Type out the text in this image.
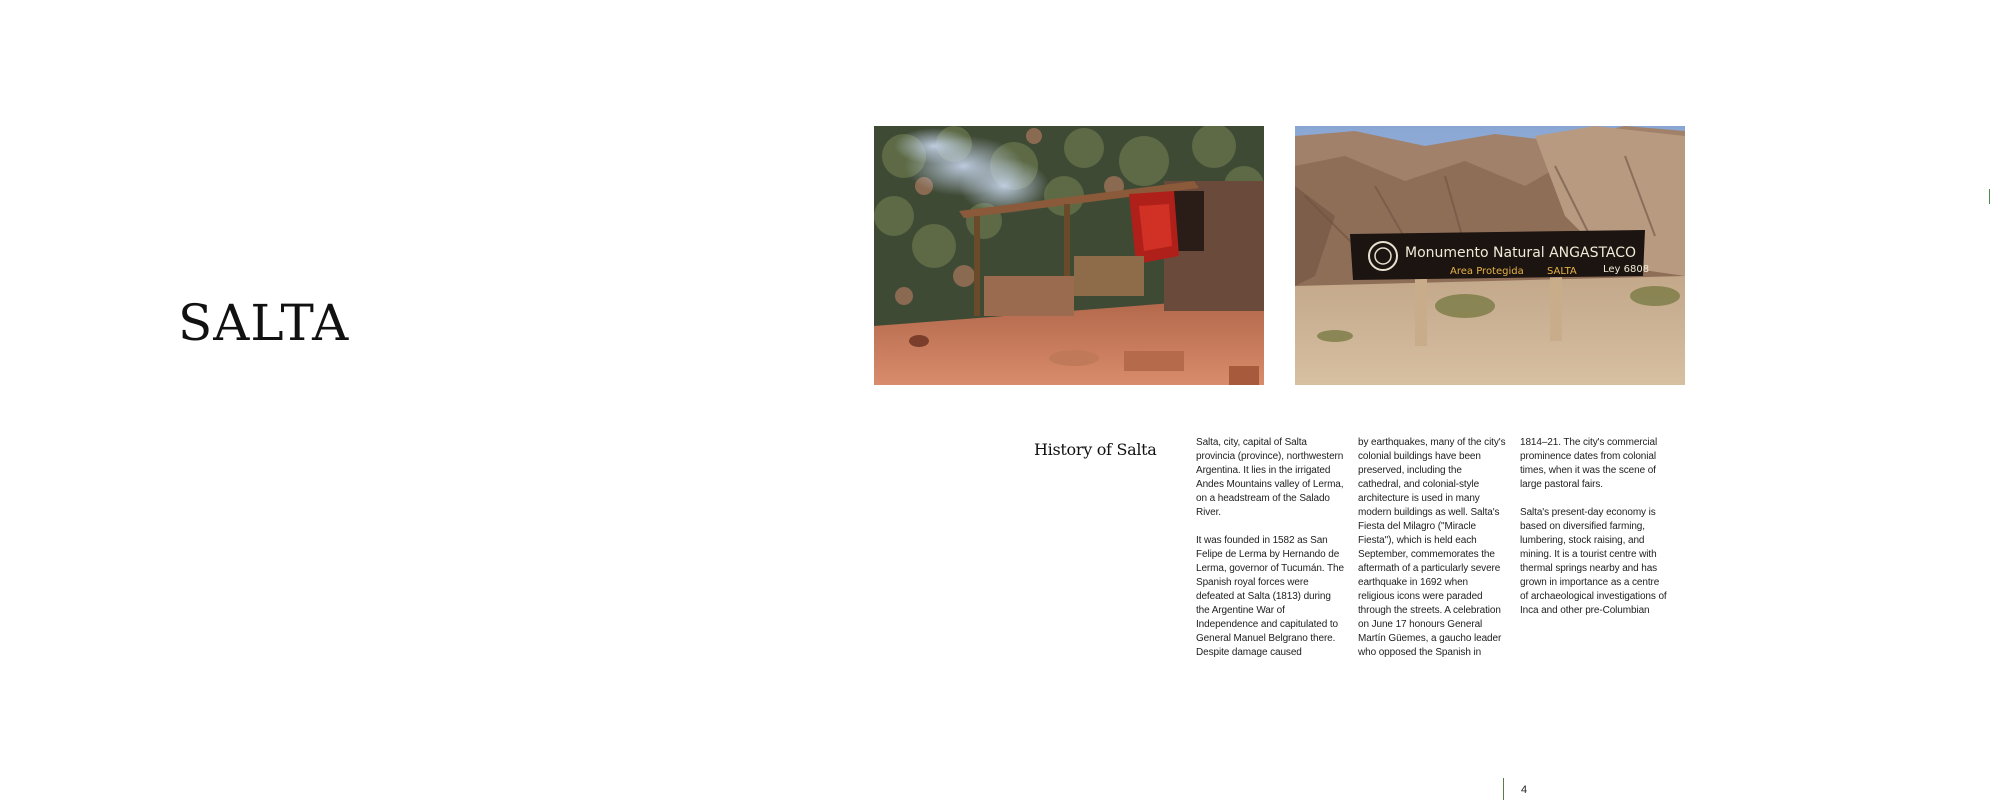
SALTA
Monumento Natural ANGASTACO
Ley 6808
Area Protegida SALTA
History of Salta	Salta, city, capital of Salta provincia (province), northwestern Argentina. It lies in the irrigated Andes Mountains valley of Lerma, on a headstream of the Salado River.

It was founded in 1582 as San Felipe de Lerma by Hernando de Lerma, governor of Tucumán. The Spanish royal forces were defeated at Salta (1813) during the Argentine War of Independence and capitulated to General Manuel Belgrano there. Despite damage caused

by earthquakes, many of the city's colonial buildings have been preserved, including the cathedral, and colonial-style architecture is used in many modern buildings as well. Salta's Fiesta del Milagro ("Miracle Fiesta"), which is held each September, commemorates the aftermath of a particularly severe earthquake in 1692 when religious icons were paraded through the streets. A celebration on June 17 honours General Martín Güemes, a gaucho leader who opposed the Spanish in

1814–21. The city's commercial prominence dates from colonial times, when it was the scene of large pastoral fairs.

Salta's present-day economy is based on diversified farming, lumbering, stock raising, and mining. It is a tourist centre with thermal springs nearby and has grown in importance as a centre of archaeological investigations of Inca and other pre-Columbian

4
